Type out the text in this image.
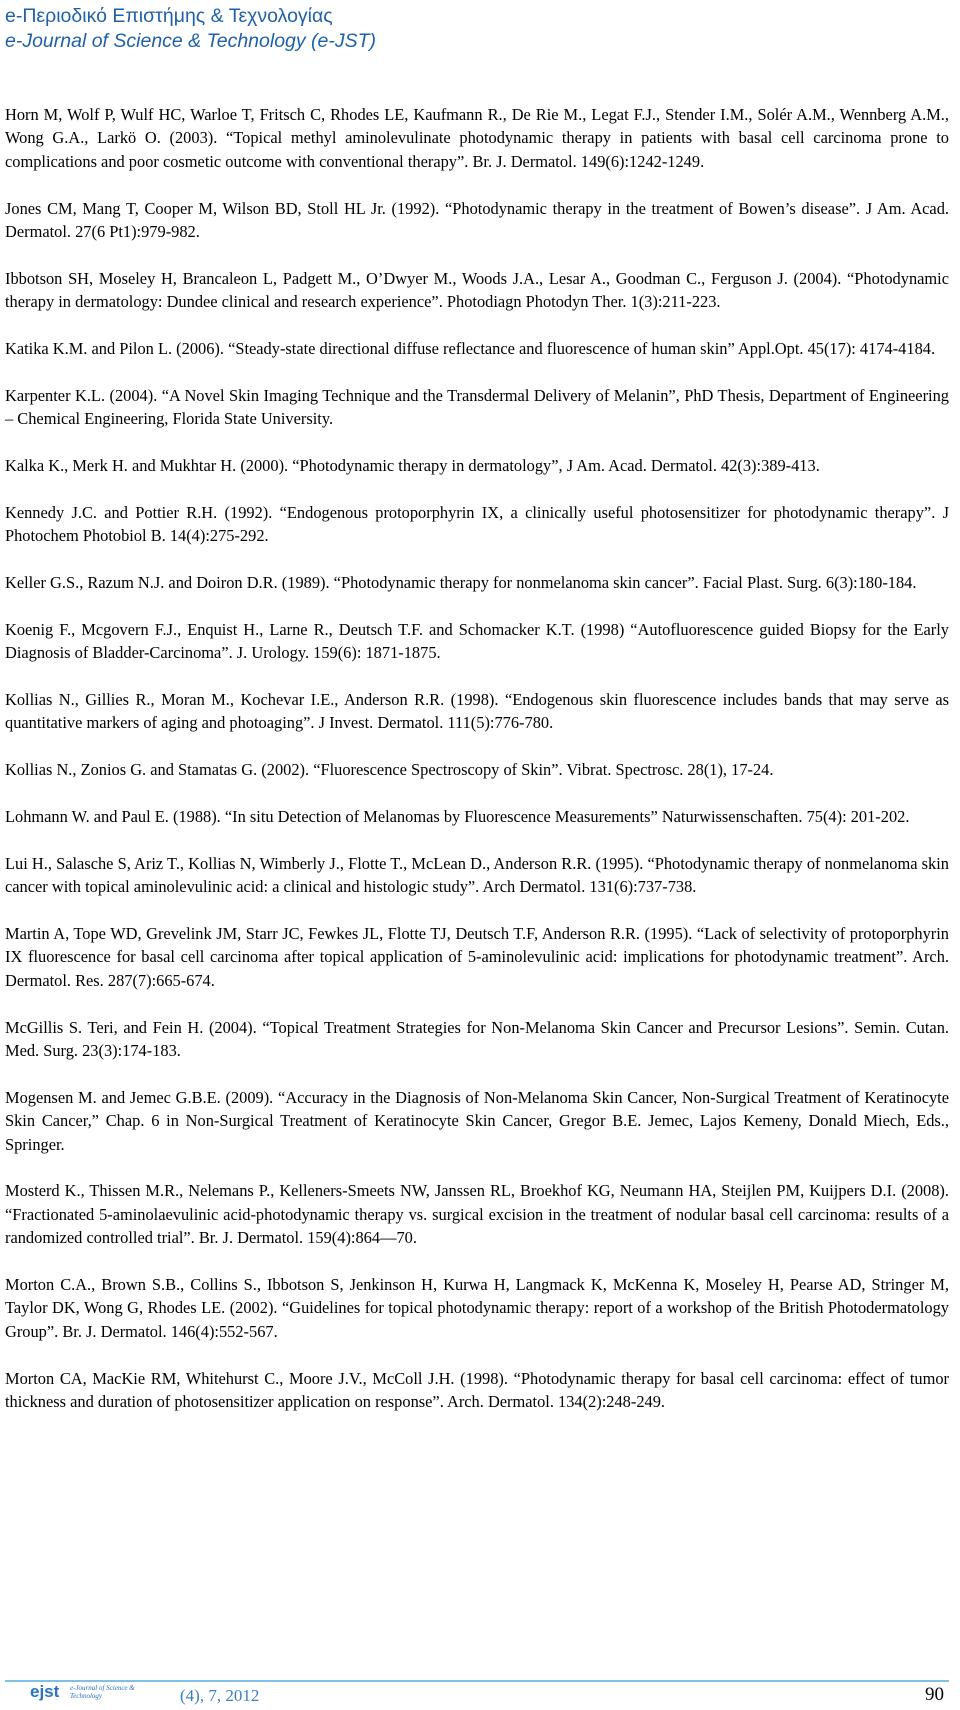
e-Περιοδικό Επιστήμης & Τεχνολογίας
e-Journal of Science & Technology (e-JST)

Horn M, Wolf P, Wulf HC, Warloe T, Fritsch C, Rhodes LE, Kaufmann R., De Rie M., Legat F.J., Stender I.M., Solér A.M., Wennberg A.M., Wong G.A., Larkö O. (2003). “Topical methyl aminolevulinate photodynamic therapy in patients with basal cell carcinoma prone to complications and poor cosmetic outcome with conventional therapy”. Br. J. Dermatol. 149(6):1242-1249.

Jones CM, Mang T, Cooper M, Wilson BD, Stoll HL Jr. (1992). “Photodynamic therapy in the treatment of Bowen’s disease”. J Am. Acad. Dermatol. 27(6 Pt1):979-982.

Ibbotson SH, Moseley H, Brancaleon L, Padgett M., O’Dwyer M., Woods J.A., Lesar A., Goodman C., Ferguson J. (2004). “Photodynamic therapy in dermatology: Dundee clinical and research experience”. Photodiagn Photodyn Ther. 1(3):211-223.

Katika K.M. and Pilon L. (2006). “Steady-state directional diffuse reflectance and fluorescence of human skin” Appl.Opt. 45(17): 4174-4184.

Karpenter K.L. (2004). “A Novel Skin Imaging Technique and the Transdermal Delivery of Melanin”, PhD Thesis, Department of Engineering – Chemical Engineering, Florida State University.

Kalka K., Merk H. and Mukhtar H. (2000). “Photodynamic therapy in dermatology”, J Am. Acad. Dermatol. 42(3):389-413.

Kennedy J.C. and Pottier R.H. (1992). “Endogenous protoporphyrin IX, a clinically useful photosensitizer for photodynamic therapy”. J Photochem Photobiol B. 14(4):275-292.

Keller G.S., Razum N.J. and Doiron D.R. (1989). “Photodynamic therapy for nonmelanoma skin cancer”. Facial Plast. Surg. 6(3):180-184.

Koenig F., Mcgovern F.J., Enquist H., Larne R., Deutsch T.F. and Schomacker K.T. (1998) “Autofluorescence guided Biopsy for the Early Diagnosis of Bladder-Carcinoma”. J. Urology. 159(6): 1871-1875.

Kollias N., Gillies R., Moran M., Kochevar I.E., Anderson R.R. (1998). “Endogenous skin fluorescence includes bands that may serve as quantitative markers of aging and photoaging”. J Invest. Dermatol. 111(5):776-780.

Kollias N., Zonios G. and Stamatas G. (2002). “Fluorescence Spectroscopy of Skin”. Vibrat. Spectrosc. 28(1), 17-24.

Lohmann W. and Paul E. (1988). “In situ Detection of Melanomas by Fluorescence Measurements” Naturwissenschaften. 75(4): 201-202.

Lui H., Salasche S, Ariz T., Kollias N, Wimberly J., Flotte T., McLean D., Anderson R.R. (1995). “Photodynamic therapy of nonmelanoma skin cancer with topical aminolevulinic acid: a clinical and histologic study”. Arch Dermatol. 131(6):737-738.

Martin A, Tope WD, Grevelink JM, Starr JC, Fewkes JL, Flotte TJ, Deutsch T.F, Anderson R.R. (1995). “Lack of selectivity of protoporphyrin IX fluorescence for basal cell carcinoma after topical application of 5-aminolevulinic acid: implications for photodynamic treatment”. Arch. Dermatol. Res. 287(7):665-674.

McGillis S. Teri, and Fein H. (2004). “Topical Treatment Strategies for Non-Melanoma Skin Cancer and Precursor Lesions”. Semin. Cutan. Med. Surg. 23(3):174-183.

Mogensen M. and Jemec G.B.E. (2009). “Accuracy in the Diagnosis of Non-Melanoma Skin Cancer, Non-Surgical Treatment of Keratinocyte Skin Cancer,” Chap. 6 in Non-Surgical Treatment of Keratinocyte Skin Cancer, Gregor B.E. Jemec, Lajos Kemeny, Donald Miech, Eds., Springer.

Mosterd K., Thissen M.R., Nelemans P., Kelleners-Smeets NW, Janssen RL, Broekhof KG, Neumann HA, Steijlen PM, Kuijpers D.I. (2008). “Fractionated 5-aminolaevulinic acid-photodynamic therapy vs. surgical excision in the treatment of nodular basal cell carcinoma: results of a randomized controlled trial”. Br. J. Dermatol. 159(4):864—70.

Morton C.A., Brown S.B., Collins S., Ibbotson S, Jenkinson H, Kurwa H, Langmack K, McKenna K, Moseley H, Pearse AD, Stringer M, Taylor DK, Wong G, Rhodes LE. (2002). “Guidelines for topical photodynamic therapy: report of a workshop of the British Photodermatology Group”. Br. J. Dermatol. 146(4):552-567.

Morton CA, MacKie RM, Whitehurst C., Moore J.V., McColl J.H. (1998). “Photodynamic therapy for basal cell carcinoma: effect of tumor thickness and duration of photosensitizer application on response”. Arch. Dermatol. 134(2):248-249.

ejst e-Journal of Science & Technology	(4), 7, 2012	90
